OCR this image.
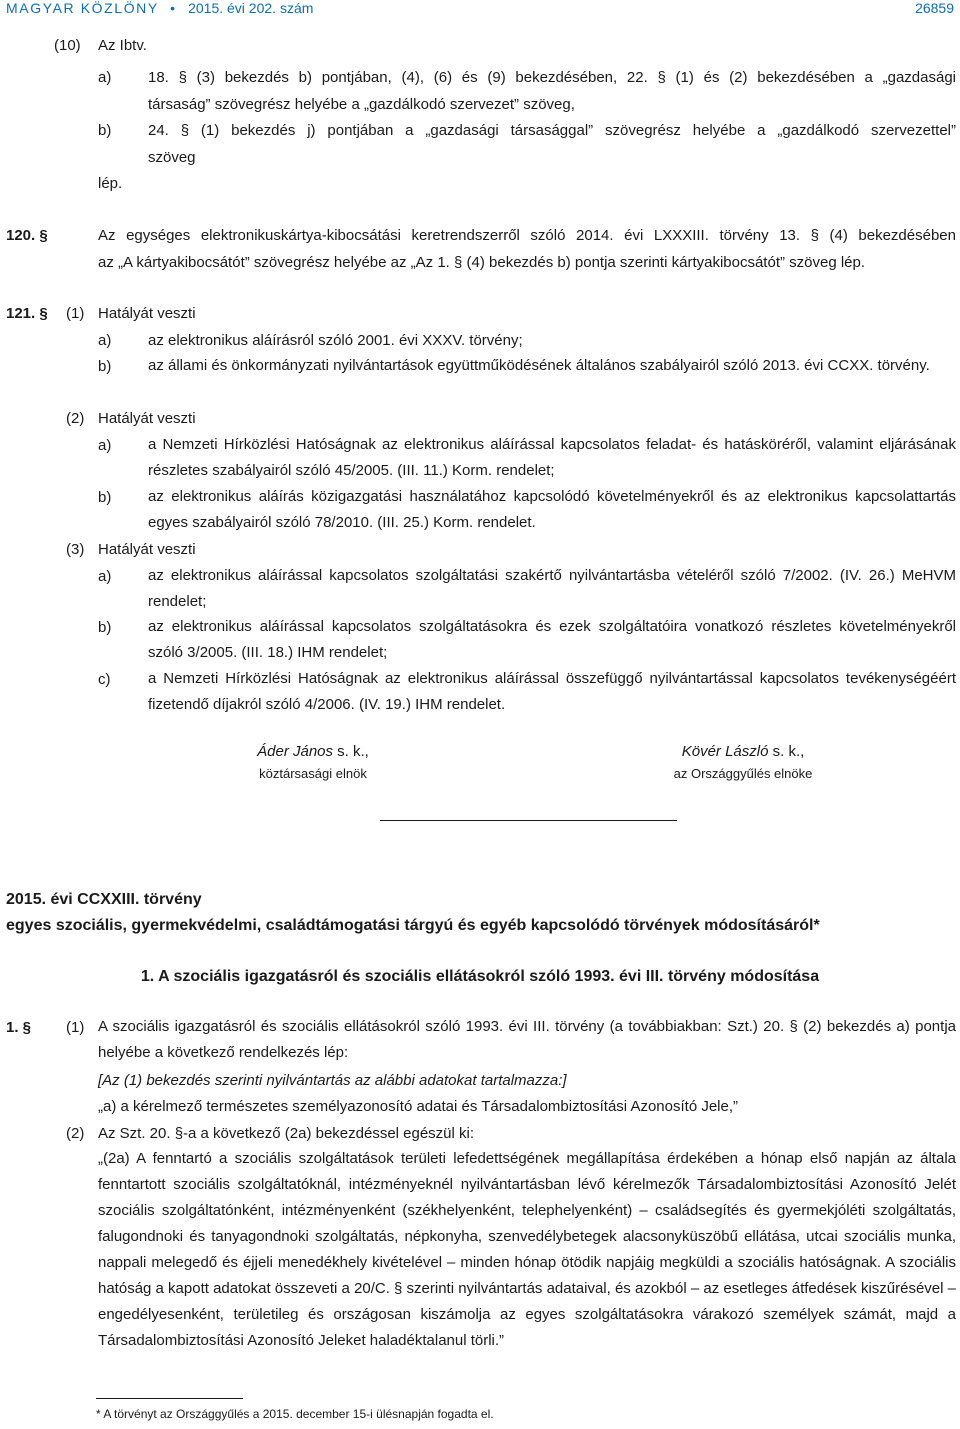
MAGYAR KÖZLÖNY • 2015. évi 202. szám	26859
(10) Az Ibtv.
a) 18. § (3) bekezdés b) pontjában, (4), (6) és (9) bekezdésében, 22. § (1) és (2) bekezdésében a „gazdasági
társaság” szövegrész helyébe a „gazdálkodó szervezet” szöveg,
b) 24. § (1) bekezdés j) pontjában a „gazdasági társasággal” szövegrész helyébe a „gazdálkodó szervezettel”
szöveg
lép.
120. §	Az egységes elektronikuskártya-kibocsátási keretrendszerről szóló 2014. évi LXXXIII. törvény 13. § (4) bekezdésében
az „A kártyakibocsátót” szövegrész helyébe az „Az 1. § (4) bekezdés b) pontja szerinti kártyakibocsátót” szöveg lép.
121. § (1) Hatályát veszti
a) az elektronikus aláírásról szóló 2001. évi XXXV. törvény;
b) az állami és önkormányzati nyilvántartások együttműködésének általános szabályairól szóló 2013. évi CCXX. törvény.
(2) Hatályát veszti
a) a Nemzeti Hírközlési Hatóságnak az elektronikus aláírással kapcsolatos feladat- és hatásköréről, valamint eljárásának részletes szabályairól szóló 45/2005. (III. 11.) Korm. rendelet;
b) az elektronikus aláírás közigazgatási használatához kapcsolódó követelményekről és az elektronikus kapcsolattartás egyes szabályairól szóló 78/2010. (III. 25.) Korm. rendelet.
(3) Hatályát veszti
a) az elektronikus aláírással kapcsolatos szolgáltatási szakértő nyilvántartásba vételéről szóló 7/2002. (IV. 26.) MeHVM rendelet;
b) az elektronikus aláírással kapcsolatos szolgáltatásokra és ezek szolgáltatóira vonatkozó részletes követelményekről szóló 3/2005. (III. 18.) IHM rendelet;
c)	a Nemzeti Hírközlési Hatóságnak az elektronikus aláírással összefüggő nyilvántartással kapcsolatos tevékenységéért fizetendő díjakról szóló 4/2006. (IV. 19.) IHM rendelet.
Áder János s. k.,
köztársasági elnök
Kövér László s. k.,
az Országgyűlés elnöke
2015. évi CCXXIII. törvény
egyes szociális, gyermekvédelmi, családtámogatási tárgyú és egyéb kapcsolódó törvények módosításáról*
1. A szociális igazgatásról és szociális ellátásokról szóló 1993. évi III. törvény módosítása
1. § (1) A szociális igazgatásról és szociális ellátásokról szóló 1993. évi III. törvény (a továbbiakban: Szt.) 20. § (2) bekezdés a) pontja helyébe a következő rendelkezés lép:
[Az (1) bekezdés szerinti nyilvántartás az alábbi adatokat tartalmazza:]
„a) a kérelmező természetes személyazonosító adatai és Társadalombiztosítási Azonosító Jele,”
(2) Az Szt. 20. §-a a következő (2a) bekezdéssel egészül ki:
„(2a) A fenntartó a szociális szolgáltatások területi lefedettségének megállapítása érdekében a hónap első napján az általa fenntartott szociális szolgáltatóknál, intézményeknél nyilvántartásban lévő kérelmezők Társadalombiztosítási Azonosító Jelét szociális szolgáltatónként, intézményenként (székhelyenként, telephelyenként) – családsegítés és gyermekjóléti szolgáltatás, falugondnoki és tanyagondnoki szolgáltatás, népkonyha, szenvedélybetegek alacsonyküszöbű ellátása, utcai szociális munka, nappali melegedő és éjjeli menedékhely kivételével – minden hónap ötödik napjáig megküldi a szociális hatóságnak. A szociális hatóság a kapott adatokat összeveti a 20/C. § szerinti nyilvántartás adataival, és azokból – az esetleges átfedések kiszűrésével – engedélyesenként, területileg és országosan kiszámolja az egyes szolgáltatásokra várakozó személyek számát, majd a Társadalombiztosítási Azonosító Jeleket haladéktalanul törli.”
* A törvényt az Országgyűlés a 2015. december 15-i ülésnapján fogadta el.
